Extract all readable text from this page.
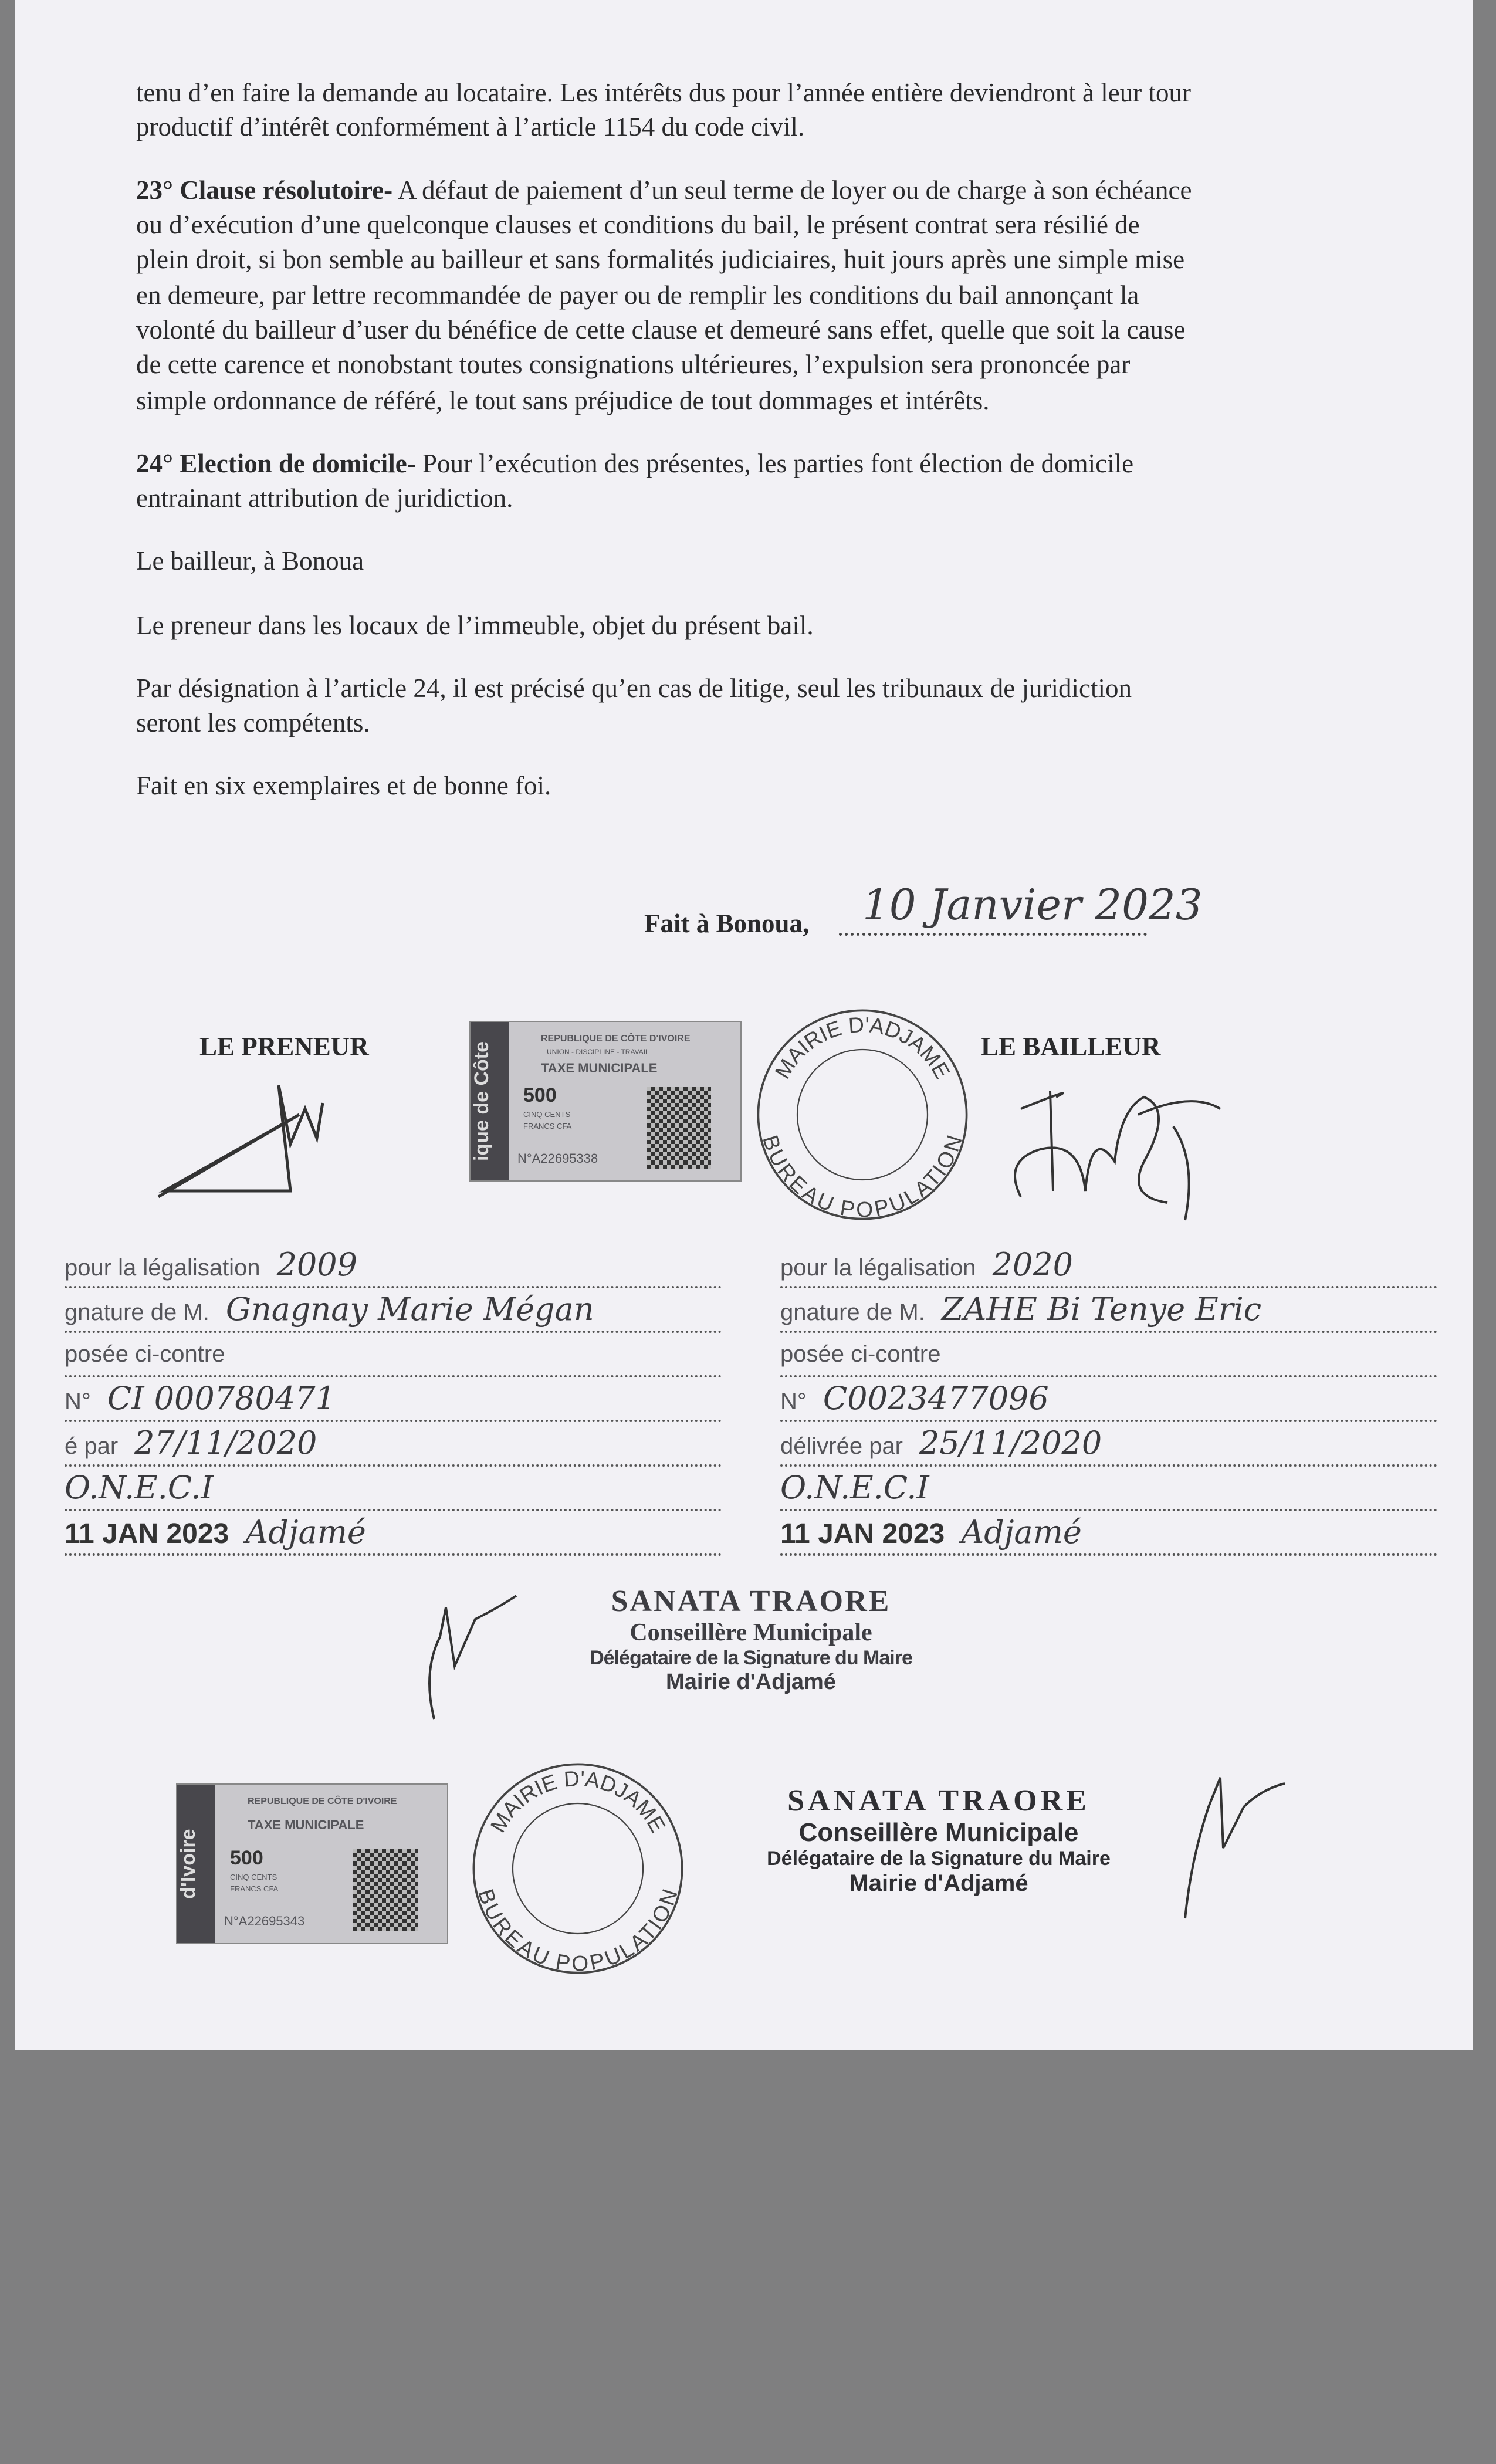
tenu d’en faire la demande au locataire. Les intérêts dus pour l’année entière deviendront à leur tour
productif d’intérêt conformément à l’article 1154 du code civil.
23° Clause résolutoire- A défaut de paiement d’un seul terme de loyer ou de charge à son échéance
ou d’exécution d’une quelconque clauses et conditions du bail, le présent contrat sera résilié de
plein droit, si bon semble au bailleur et sans formalités judiciaires, huit jours après une simple mise
en demeure, par lettre recommandée de payer ou de remplir les conditions du bail annonçant la
volonté du bailleur d’user du bénéfice de cette clause et demeuré sans effet, quelle que soit la cause
de cette carence et nonobstant toutes consignations ultérieures, l’expulsion sera prononcée par
simple ordonnance de référé, le tout sans préjudice de tout dommages et intérêts.
24° Election de domicile- Pour l’exécution des présentes, les parties font élection de domicile
entrainant attribution de juridiction.
Le bailleur, à Bonoua
Le preneur dans les locaux de l’immeuble, objet du présent bail.
Par désignation à l’article 24, il est précisé qu’en cas de litige, seul les tribunaux de juridiction
seront les compétents.
Fait en six exemplaires et de bonne foi.
Fait à Bonoua, 10 Janvier 2023
LE PRENEUR	LE BAILLEUR
ique de Côte
REPUBLIQUE DE CÔTE D'IVOIRE
UNION - DISCIPLINE - TRAVAIL
TAXE MUNICIPALE
500
CINQ CENTS
FRANCS CFA
N°A22695338
MAIRIE D'ADJAME
BUREAU POPULATION
pour la légalisation 2009
gnature de M. Gnagnay Marie Mégan
posée ci-contre
N° CI 000780471
é par 27/11/2020
O.N.E.C.I
11 JAN 2023 Adjamé
pour la légalisation 2020
gnature de M. ZAHE Bi Tenye Eric
posée ci-contre
N° C0023477096
délivrée par 25/11/2020
O.N.E.C.I
11 JAN 2023 Adjamé
SANATA TRAORE
Conseillère Municipale
Délégataire de la Signature du Maire
Mairie d'Adjamé
d'Ivoire
REPUBLIQUE DE CÔTE D'IVOIRE
TAXE MUNICIPALE
500
CINQ CENTS
FRANCS CFA
N°A22695343
MAIRIE D'ADJAME
BUREAU POPULATION
SANATA TRAORE
Conseillère Municipale
Délégataire de la Signature du Maire
Mairie d'Adjamé
